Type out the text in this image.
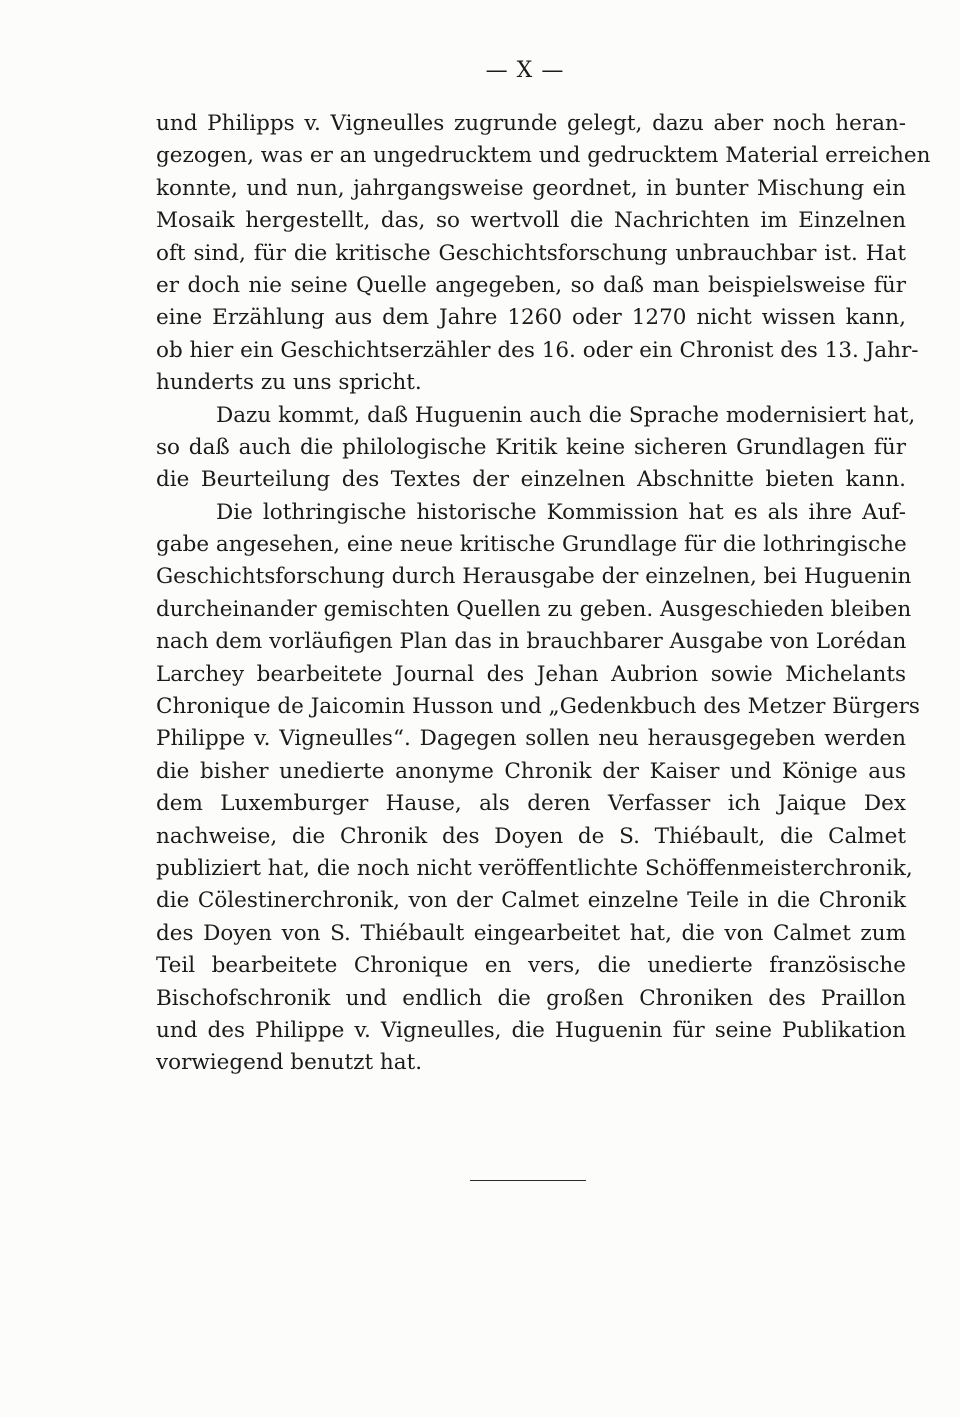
— X —
und Philipps v. Vigneulles zugrunde gelegt, dazu aber noch heran-
gezogen, was er an ungedrucktem und gedrucktem Material erreichen
konnte, und nun, jahrgangsweise geordnet, in bunter Mischung ein
Mosaik hergestellt, das, so wertvoll die Nachrichten im Einzelnen
oft sind, für die kritische Geschichtsforschung unbrauchbar ist. Hat
er doch nie seine Quelle angegeben, so daß man beispielsweise für
eine Erzählung aus dem Jahre 1260 oder 1270 nicht wissen kann,
ob hier ein Geschichtserzähler des 16. oder ein Chronist des 13. Jahr-
hunderts zu uns spricht.
Dazu kommt, daß Huguenin auch die Sprache modernisiert hat,
so daß auch die philologische Kritik keine sicheren Grundlagen für
die Beurteilung des Textes der einzelnen Abschnitte bieten kann.
Die lothringische historische Kommission hat es als ihre Auf-
gabe angesehen, eine neue kritische Grundlage für die lothringische
Geschichtsforschung durch Herausgabe der einzelnen, bei Huguenin
durcheinander gemischten Quellen zu geben. Ausgeschieden bleiben
nach dem vorläufigen Plan das in brauchbarer Ausgabe von Lorédan
Larchey bearbeitete Journal des Jehan Aubrion sowie Michelants
Chronique de Jaicomin Husson und „Gedenkbuch des Metzer Bürgers
Philippe v. Vigneulles“. Dagegen sollen neu herausgegeben werden
die bisher unedierte anonyme Chronik der Kaiser und Könige aus
dem Luxemburger Hause, als deren Verfasser ich Jaique Dex
nachweise, die Chronik des Doyen de S. Thiébault, die Calmet
publiziert hat, die noch nicht veröffentlichte Schöffenmeisterchronik,
die Cölestinerchronik, von der Calmet einzelne Teile in die Chronik
des Doyen von S. Thiébault eingearbeitet hat, die von Calmet zum
Teil bearbeitete Chronique en vers, die unedierte französische
Bischofschronik und endlich die großen Chroniken des Praillon
und des Philippe v. Vigneulles, die Huguenin für seine Publikation
vorwiegend benutzt hat.
